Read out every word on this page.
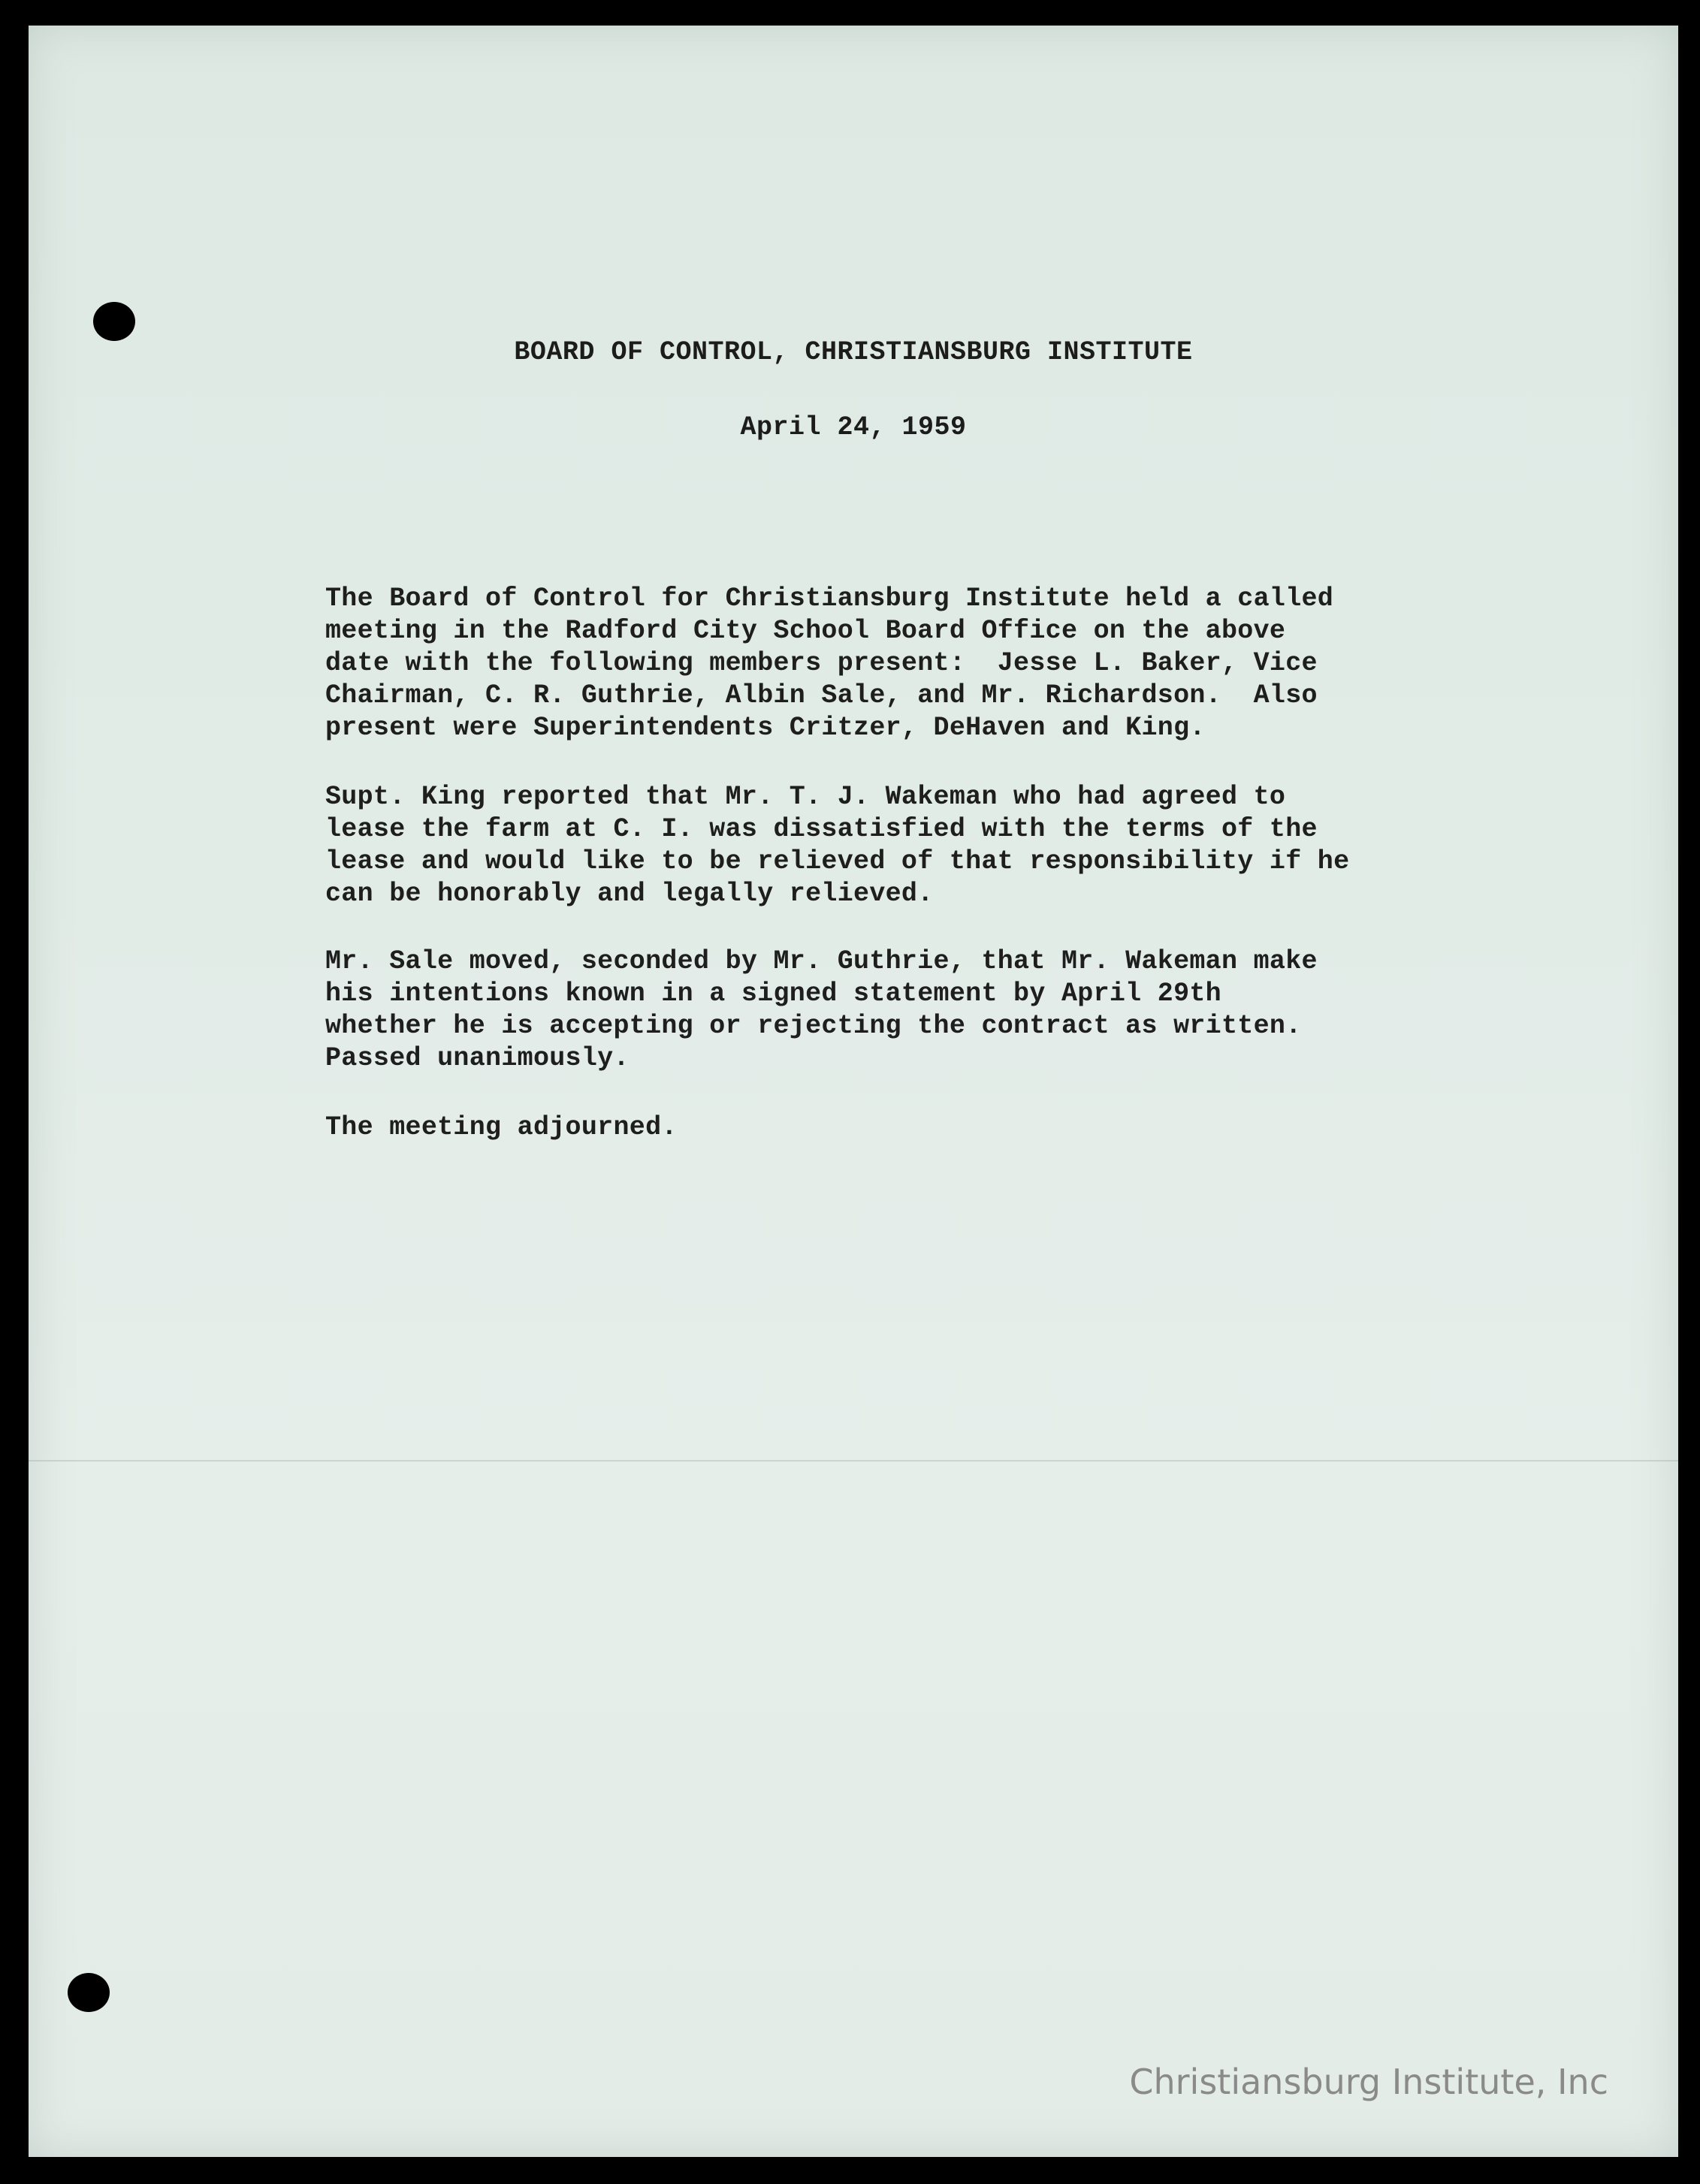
BOARD OF CONTROL, CHRISTIANSBURG INSTITUTE
April 24, 1959
The Board of Control for Christiansburg Institute held a called
meeting in the Radford City School Board Office on the above
date with the following members present:  Jesse L. Baker, Vice
Chairman, C. R. Guthrie, Albin Sale, and Mr. Richardson.  Also
present were Superintendents Critzer, DeHaven and King.
Supt. King reported that Mr. T. J. Wakeman who had agreed to
lease the farm at C. I. was dissatisfied with the terms of the
lease and would like to be relieved of that responsibility if he
can be honorably and legally relieved.
Mr. Sale moved, seconded by Mr. Guthrie, that Mr. Wakeman make
his intentions known in a signed statement by April 29th
whether he is accepting or rejecting the contract as written.
Passed unanimously.
The meeting adjourned.
Christiansburg Institute, Inc
